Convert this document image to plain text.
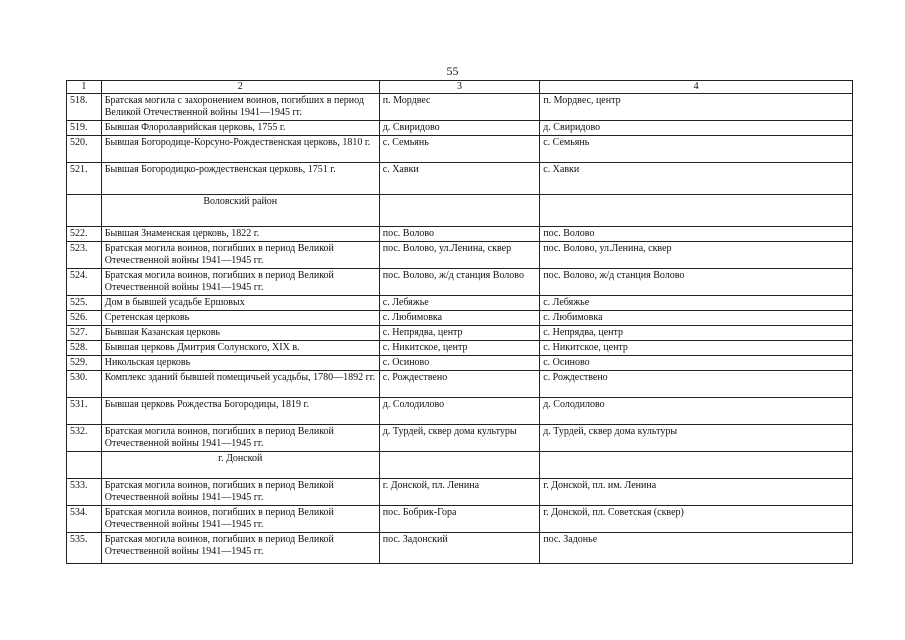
55
1	2	3	4
518.	Братская могила с захоронением воинов, погибших в период Великой Отечественной войны 1941—1945 гг.	п. Мордвес	п. Мордвес, центр
519.	Бывшая Флоролаврийская церковь, 1755 г.	д. Свиридово	д. Свиридово
520.	Бывшая Богородице-Корсуно-Рождественская церковь, 1810 г.	с. Семьянь	с. Семьянь
521.	Бывшая Богородицко-рождественская церковь, 1751 г.	с. Хавки	с. Хавки
	Воловский район		
522.	Бывшая Знаменская церковь, 1822 г.	пос. Волово	пос. Волово
523.	Братская могила воинов, погибших в период Великой Отечественной войны 1941—1945 гг.	пос. Волово, ул.Ленина, сквер	пос. Волово, ул.Ленина, сквер
524.	Братская могила воинов, погибших в период Великой Отечественной войны 1941—1945 гг.	пос. Волово, ж/д станция Волово	пос. Волово, ж/д станция Волово
525.	Дом в бывшей усадьбе Ершовых	с. Лебяжье	с. Лебяжье
526.	Сретенская церковь	с. Любимовка	с. Любимовка
527.	Бывшая Казанская церковь	с. Непрядва, центр	с. Непрядва, центр
528.	Бывшая церковь Дмитрия Солунского, XIX в.	с. Никитское, центр	с. Никитское, центр
529.	Никольская церковь	с. Осиново	с. Осиново
530.	Комплекс зданий бывшей помещичьей усадьбы, 1780—1892 гг.	с. Рождествено	с. Рождествено
531.	Бывшая церковь Рождества Богородицы, 1819 г.	д. Солодилово	д. Солодилово
532.	Братская могила воинов, погибших в период Великой Отечественной войны 1941—1945 гг.	д. Турдей, сквер дома культуры	д. Турдей, сквер дома культуры
	г. Донской		
533.	Братская могила воинов, погибших в период Великой Отечественной войны 1941—1945 гг.	г. Донской, пл. Ленина	г. Донской, пл. им. Ленина
534.	Братская могила воинов, погибших в период Великой Отечественной войны 1941—1945 гг.	пос. Бобрик-Гора	г. Донской, пл. Советская (сквер)
535.	Братская могила воинов, погибших в период Великой Отечественной войны 1941—1945 гг.	пос. Задонский	пос. Задонье
